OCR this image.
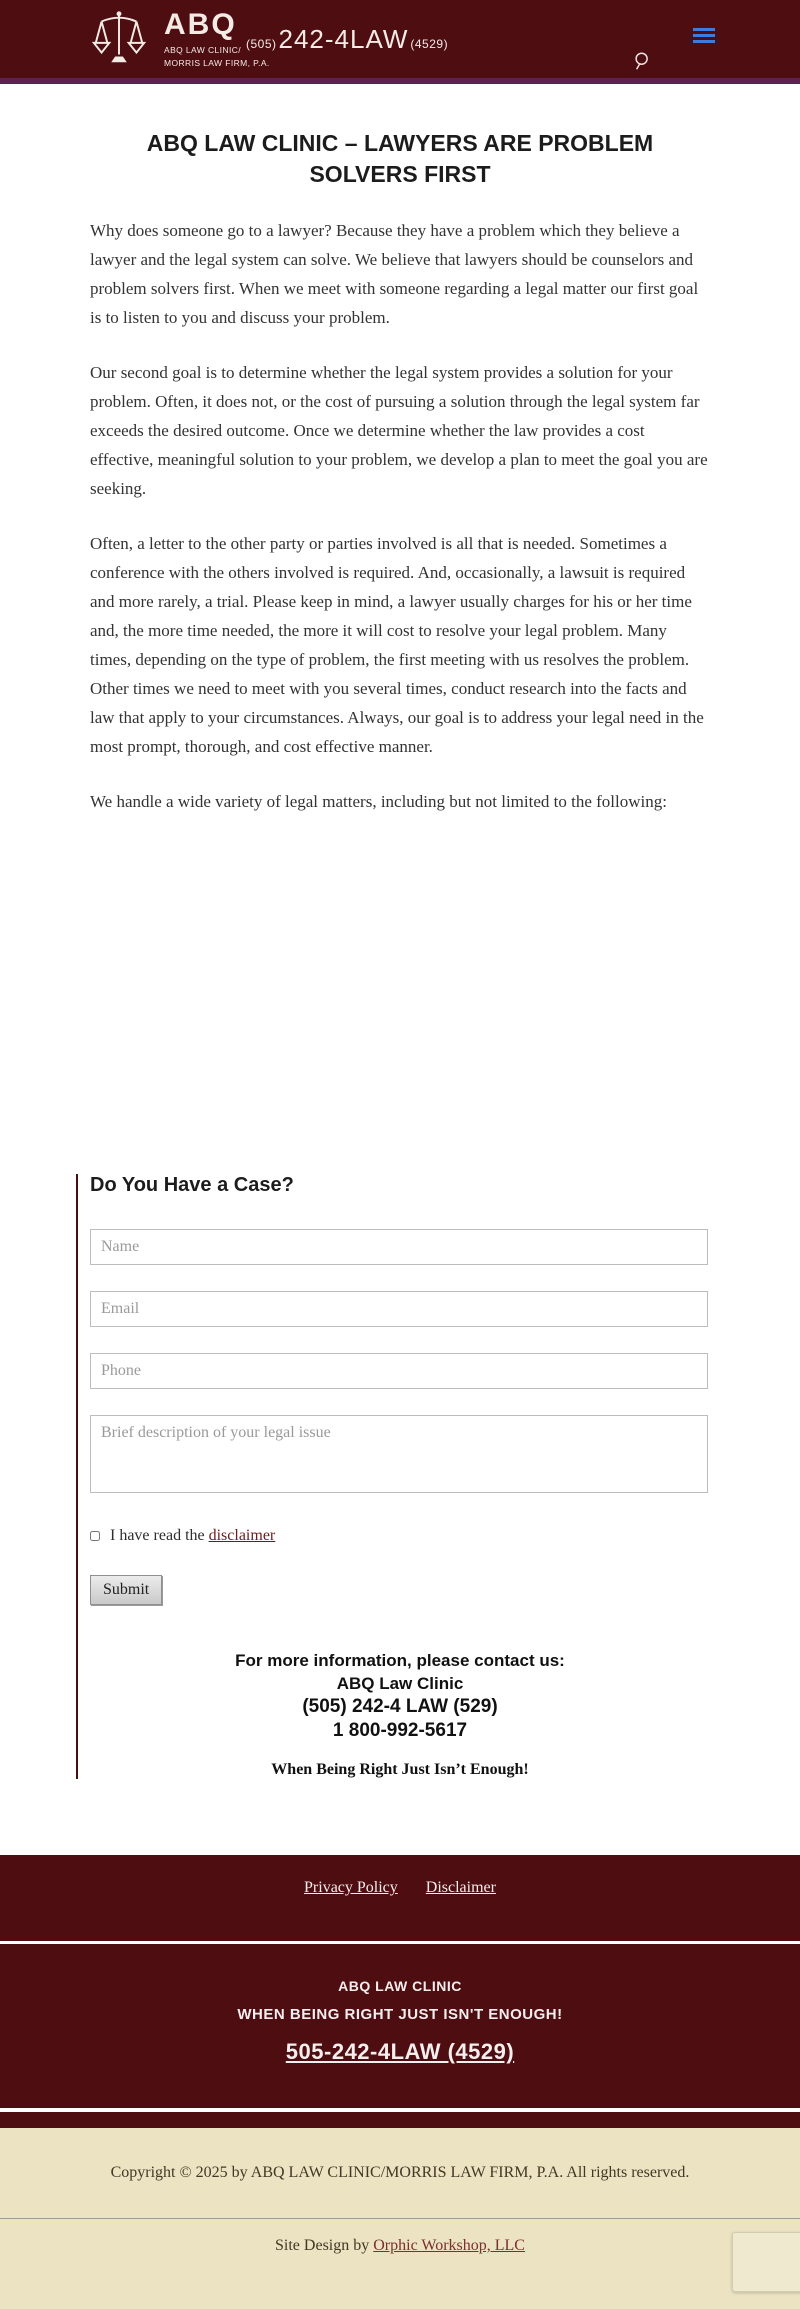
ABQ
ABQ LAW CLINIC/
MORRIS LAW FIRM, P.A.
(505) 242-4LAW (4529)
ABQ LAW CLINIC – LAWYERS ARE PROBLEM SOLVERS FIRST

Why does someone go to a lawyer? Because they have a problem which they believe a lawyer and the legal system can solve. We believe that lawyers should be counselors and problem solvers first. When we meet with someone regarding a legal matter our first goal is to listen to you and discuss your problem.

Our second goal is to determine whether the legal system provides a solution for your problem. Often, it does not, or the cost of pursuing a solution through the legal system far exceeds the desired outcome. Once we determine whether the law provides a cost effective, meaningful solution to your problem, we develop a plan to meet the goal you are seeking.

Often, a letter to the other party or parties involved is all that is needed. Sometimes a conference with the others involved is required. And, occasionally, a lawsuit is required and more rarely, a trial. Please keep in mind, a lawyer usually charges for his or her time and, the more time needed, the more it will cost to resolve your legal problem. Many times, depending on the type of problem, the first meeting with us resolves the problem. Other times we need to meet with you several times, conduct research into the facts and law that apply to your circumstances. Always, our goal is to address your legal need in the most prompt, thorough, and cost effective manner.

We handle a wide variety of legal matters, including but not limited to the following:

Do You Have a Case?
Name
Email
Phone
Brief description of your legal issue
I have read the disclaimer
Submit
For more information, please contact us:
ABQ Law Clinic
(505) 242-4 LAW (529)
1 800-992-5617
When Being Right Just Isn’t Enough!
Privacy Policy Disclaimer
ABQ LAW CLINIC
WHEN BEING RIGHT JUST ISN'T ENOUGH!
505-242-4LAW (4529)
Copyright © 2025 by ABQ LAW CLINIC/MORRIS LAW FIRM, P.A. All rights reserved.
Site Design by Orphic Workshop, LLC
